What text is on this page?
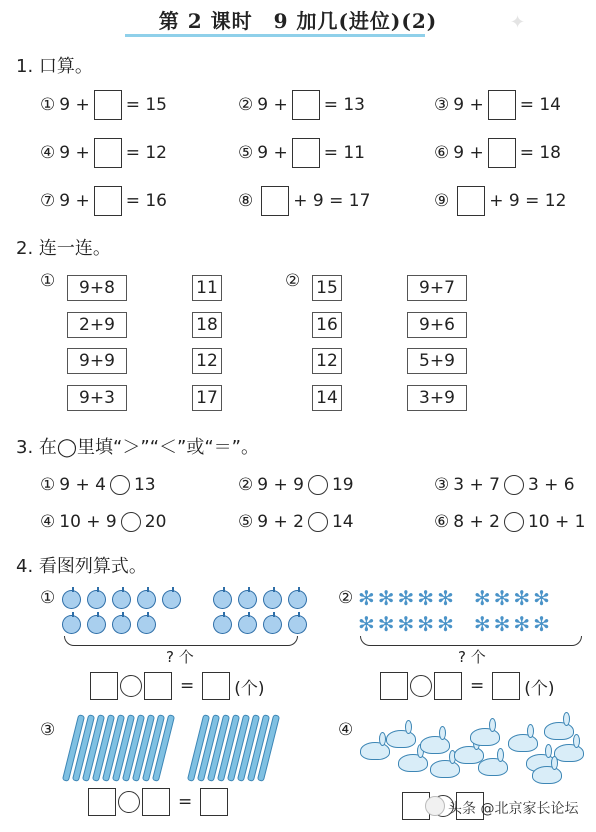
第 2 课时　9 加几(进位)(2)	✦
1. 口算。
① 9 + = 15	② 9 + = 13	③ 9 + = 14
④ 9 + = 12	⑤ 9 + = 11	⑥ 9 + = 18
⑦ 9 + = 16	⑧ + 9 = 17	⑨ + 9 = 12
2. 连一连。
①	②
9+8	11	15	9+7
2+9	18	16	9+6
9+9	12	12	5+9
9+3	17	14	3+9
3. 在◯里填“＞”“＜”或“＝”。
① 9 + 4 13	② 9 + 9 19	③ 3 + 7 3 + 6
④ 10 + 9 20	⑤ 9 + 2 14	⑥ 8 + 2 10 + 1
4. 看图列算式。
①
? 个
= (个)
② ✻ ✻ ✻ ✻ ✻ ✻ ✻ ✻ ✻
✻ ✻ ✻ ✻ ✻ ✻ ✻ ✻ ✻
? 个
= (个)
③
=
④
头条 @北京家长论坛
